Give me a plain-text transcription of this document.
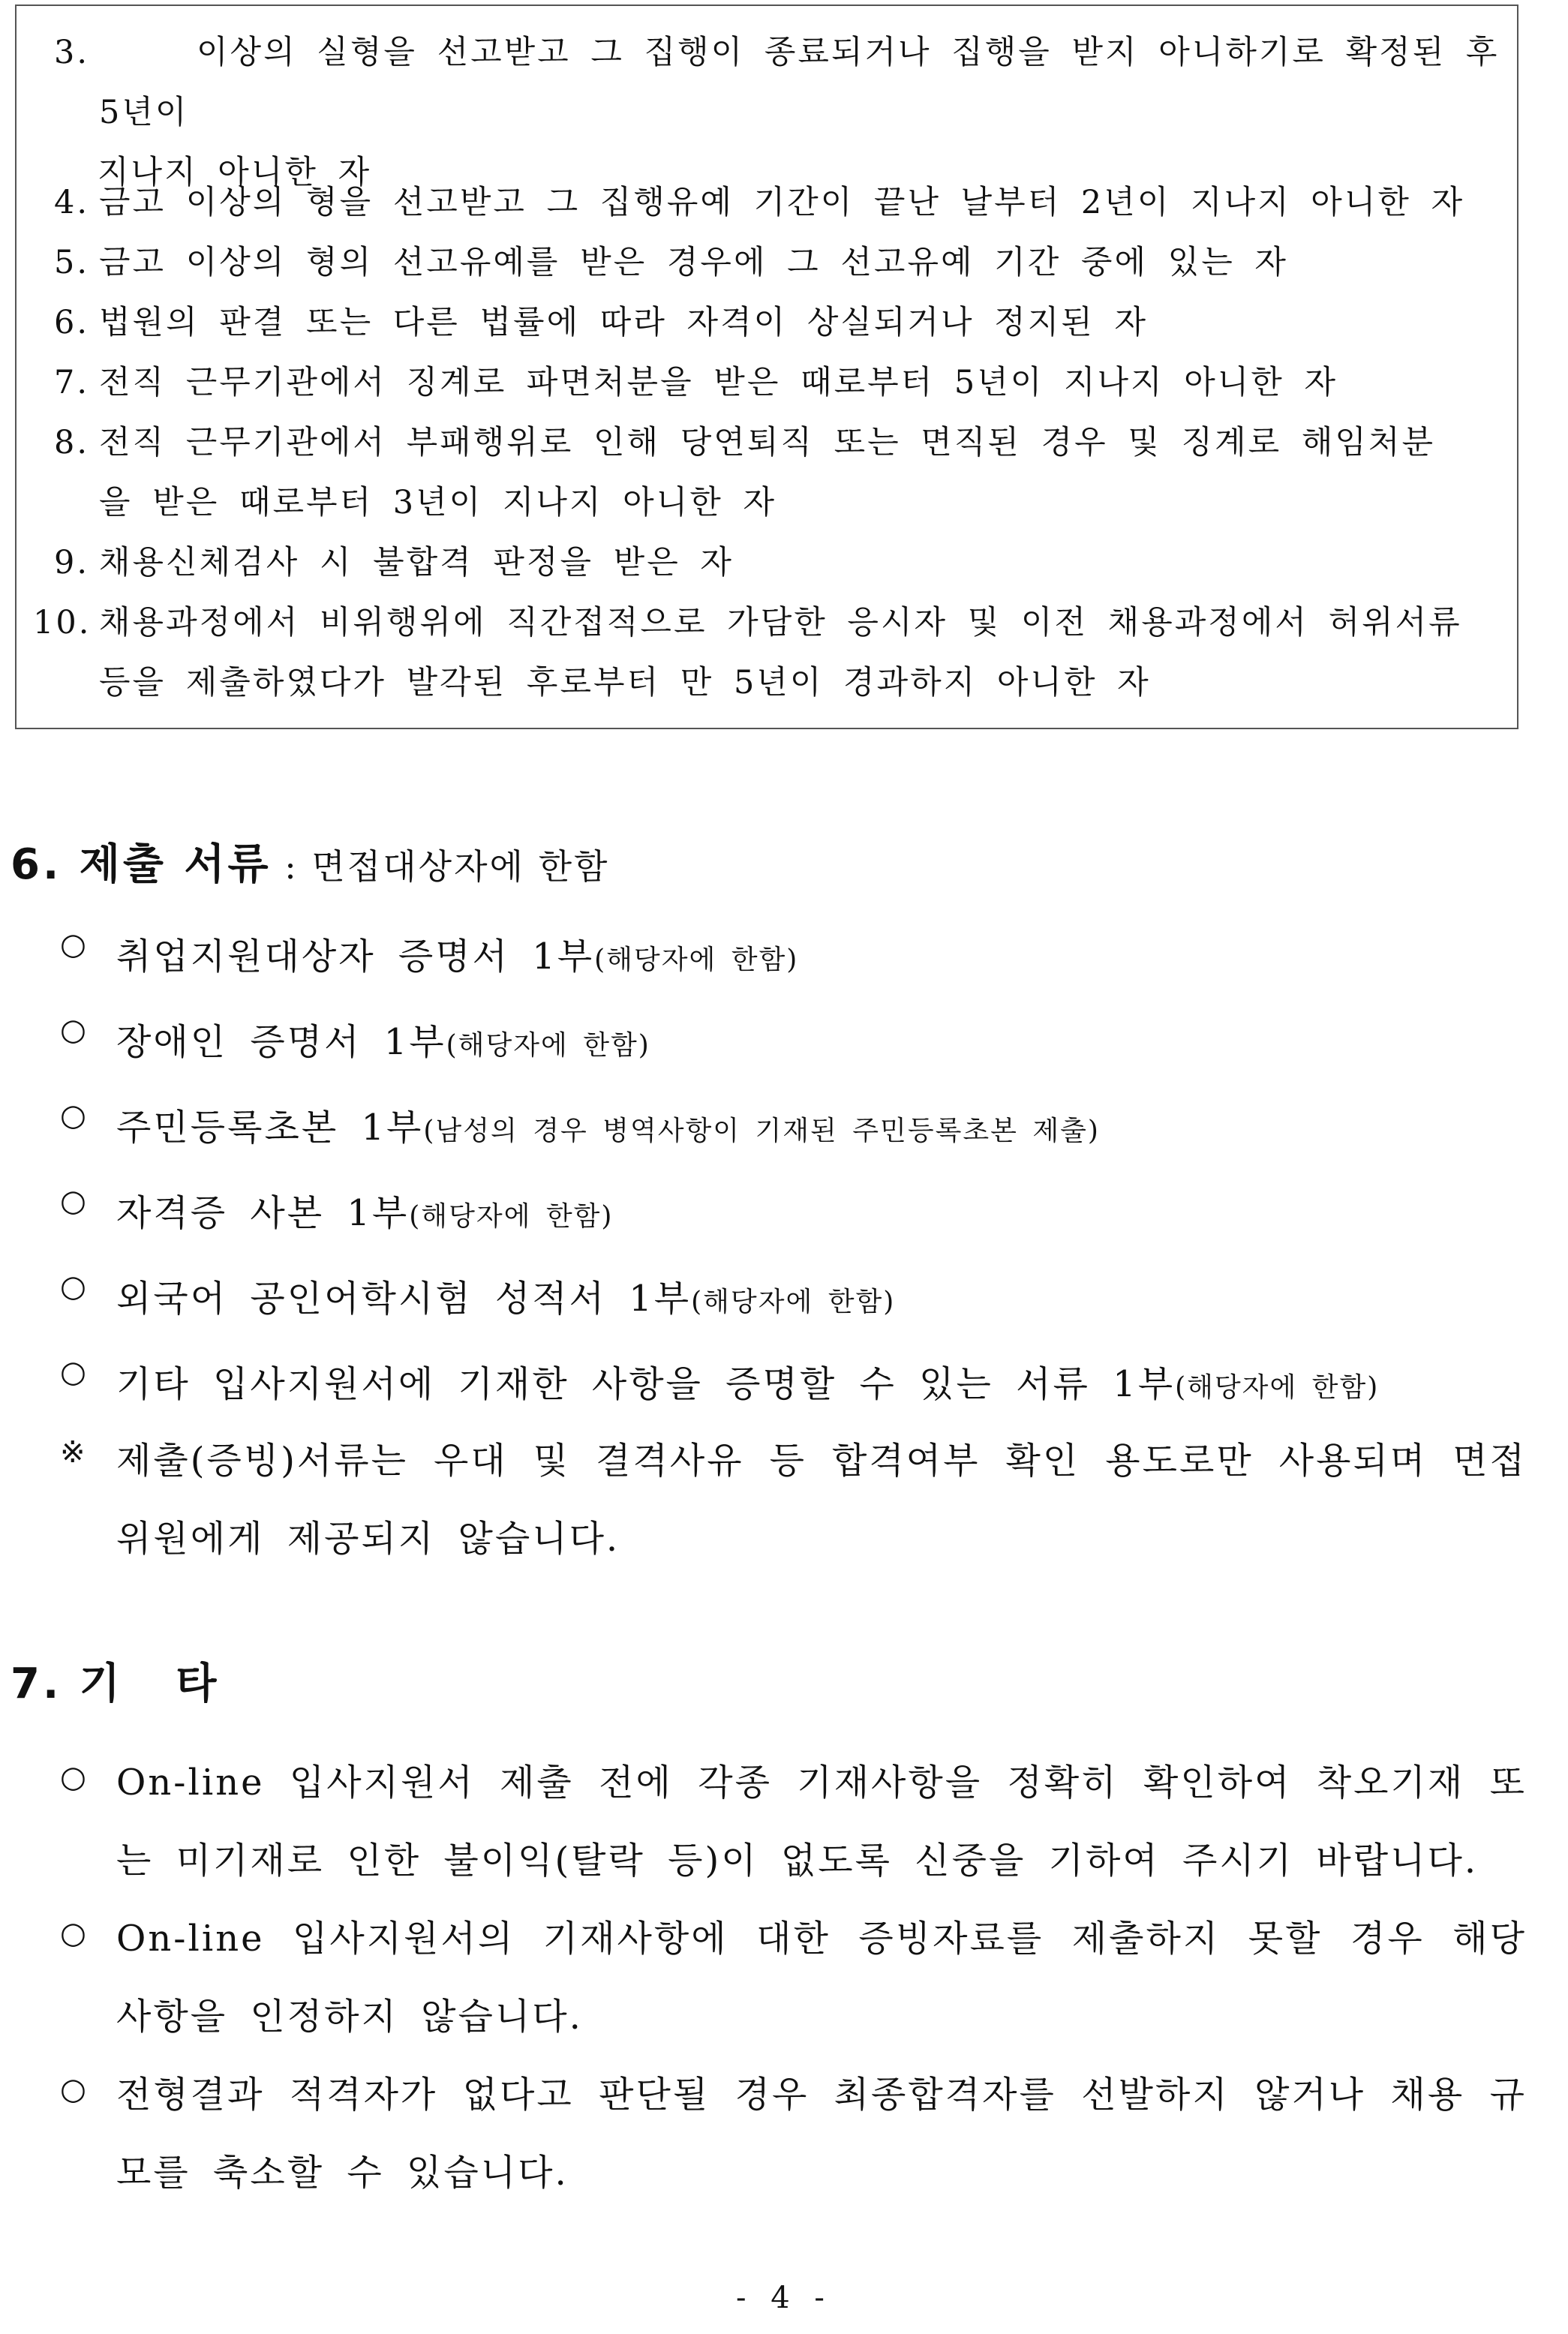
3.	이상의 실형을 선고받고 그 집행이 종료되거나 집행을 받지 아니하기로 확정된 후 5년이
지나지 아니한 자
4. 금고 이상의 형을 선고받고 그 집행유예 기간이 끝난 날부터 2년이 지나지 아니한 자
5. 금고 이상의 형의 선고유예를 받은 경우에 그 선고유예 기간 중에 있는 자
6. 법원의 판결 또는 다른 법률에 따라 자격이 상실되거나 정지된 자
7. 전직 근무기관에서 징계로 파면처분을 받은 때로부터 5년이 지나지 아니한 자
8. 전직 근무기관에서 부패행위로 인해 당연퇴직 또는 면직된 경우 및 징계로 해임처분
을 받은 때로부터 3년이 지나지 아니한 자
9. 채용신체검사 시 불합격 판정을 받은 자
10. 채용과정에서 비위행위에 직간접적으로 가담한 응시자 및 이전 채용과정에서 허위서류
등을 제출하였다가 발각된 후로부터 만 5년이 경과하지 아니한 자
6. 제출 서류 : 면접대상자에 한함
○ 취업지원대상자 증명서 1부(해당자에 한함)
○ 장애인 증명서 1부(해당자에 한함)
○ 주민등록초본 1부(남성의 경우 병역사항이 기재된 주민등록초본 제출)
○ 자격증 사본 1부(해당자에 한함)
○ 외국어 공인어학시험 성적서 1부(해당자에 한함)
○ 기타 입사지원서에 기재한 사항을 증명할 수 있는 서류 1부(해당자에 한함)
※ 제출(증빙)서류는 우대 및 결격사유 등 합격여부 확인 용도로만 사용되며 면접위원에게 제공되지 않습니다.
7. 기   타
○ On-line 입사지원서 제출 전에 각종 기재사항을 정확히 확인하여 착오기재 또는 미기재로 인한 불이익(탈락 등)이 없도록 신중을 기하여 주시기 바랍니다.
○ On-line 입사지원서의 기재사항에 대한 증빙자료를 제출하지 못할 경우 해당 사항을 인정하지 않습니다.
○ 전형결과 적격자가 없다고 판단될 경우 최종합격자를 선발하지 않거나 채용 규모를 축소할 수 있습니다.
- 4 -
